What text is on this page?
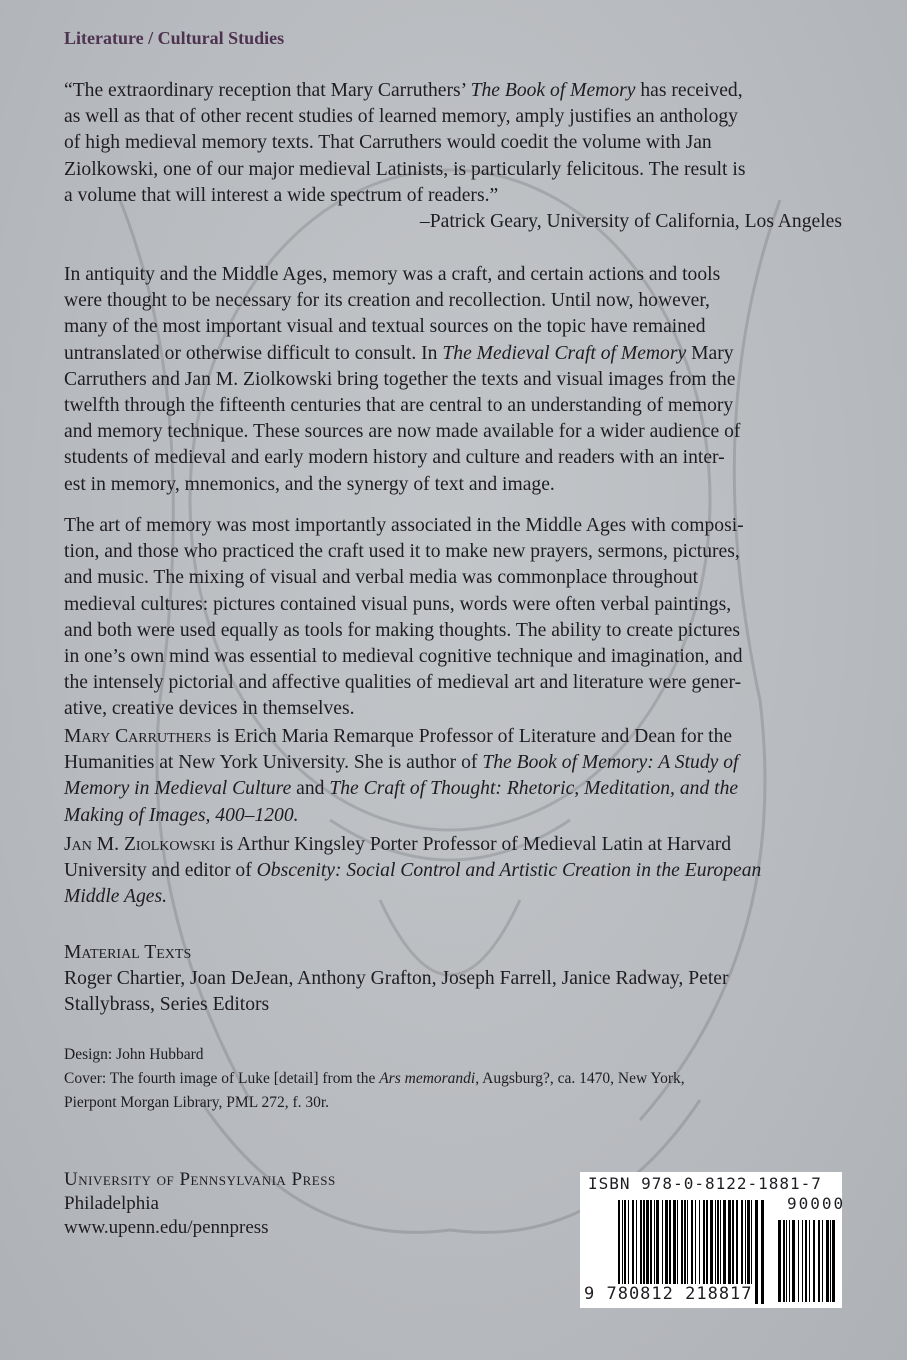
Literature / Cultural Studies
“The extraordinary reception that Mary Carruthers’ The Book of Memory has received,
as well as that of other recent studies of learned memory, amply justifies an anthology
of high medieval memory texts. That Carruthers would coedit the volume with Jan
Ziolkowski, one of our major medieval Latinists, is particularly felicitous. The result is
a volume that will interest a wide spectrum of readers.”
–Patrick Geary, University of California, Los Angeles
In antiquity and the Middle Ages, memory was a craft, and certain actions and tools
were thought to be necessary for its creation and recollection. Until now, however,
many of the most important visual and textual sources on the topic have remained
untranslated or otherwise difficult to consult. In The Medieval Craft of Memory Mary
Carruthers and Jan M. Ziolkowski bring together the texts and visual images from the
twelfth through the fifteenth centuries that are central to an understanding of memory
and memory technique. These sources are now made available for a wider audience of
students of medieval and early modern history and culture and readers with an inter-
est in memory, mnemonics, and the synergy of text and image.
The art of memory was most importantly associated in the Middle Ages with composi-
tion, and those who practiced the craft used it to make new prayers, sermons, pictures,
and music. The mixing of visual and verbal media was commonplace throughout
medieval cultures: pictures contained visual puns, words were often verbal paintings,
and both were used equally as tools for making thoughts. The ability to create pictures
in one’s own mind was essential to medieval cognitive technique and imagination, and
the intensely pictorial and affective qualities of medieval art and literature were gener-
ative, creative devices in themselves.
Mary Carruthers is Erich Maria Remarque Professor of Literature and Dean for the
Humanities at New York University. She is author of The Book of Memory: A Study of
Memory in Medieval Culture and The Craft of Thought: Rhetoric, Meditation, and the
Making of Images, 400–1200.
Jan M. Ziolkowski is Arthur Kingsley Porter Professor of Medieval Latin at Harvard
University and editor of Obscenity: Social Control and Artistic Creation in the European
Middle Ages.
Material Texts
Roger Chartier, Joan DeJean, Anthony Grafton, Joseph Farrell, Janice Radway, Peter
Stallybrass, Series Editors
Design: John Hubbard
Cover: The fourth image of Luke [detail] from the Ars memorandi, Augsburg?, ca. 1470, New York,
Pierpont Morgan Library, PML 272, f. 30r.
University of Pennsylvania Press
Philadelphia
www.upenn.edu/pennpress
ISBN 978-0-8122-1881-7
90000
9 780812 218817
